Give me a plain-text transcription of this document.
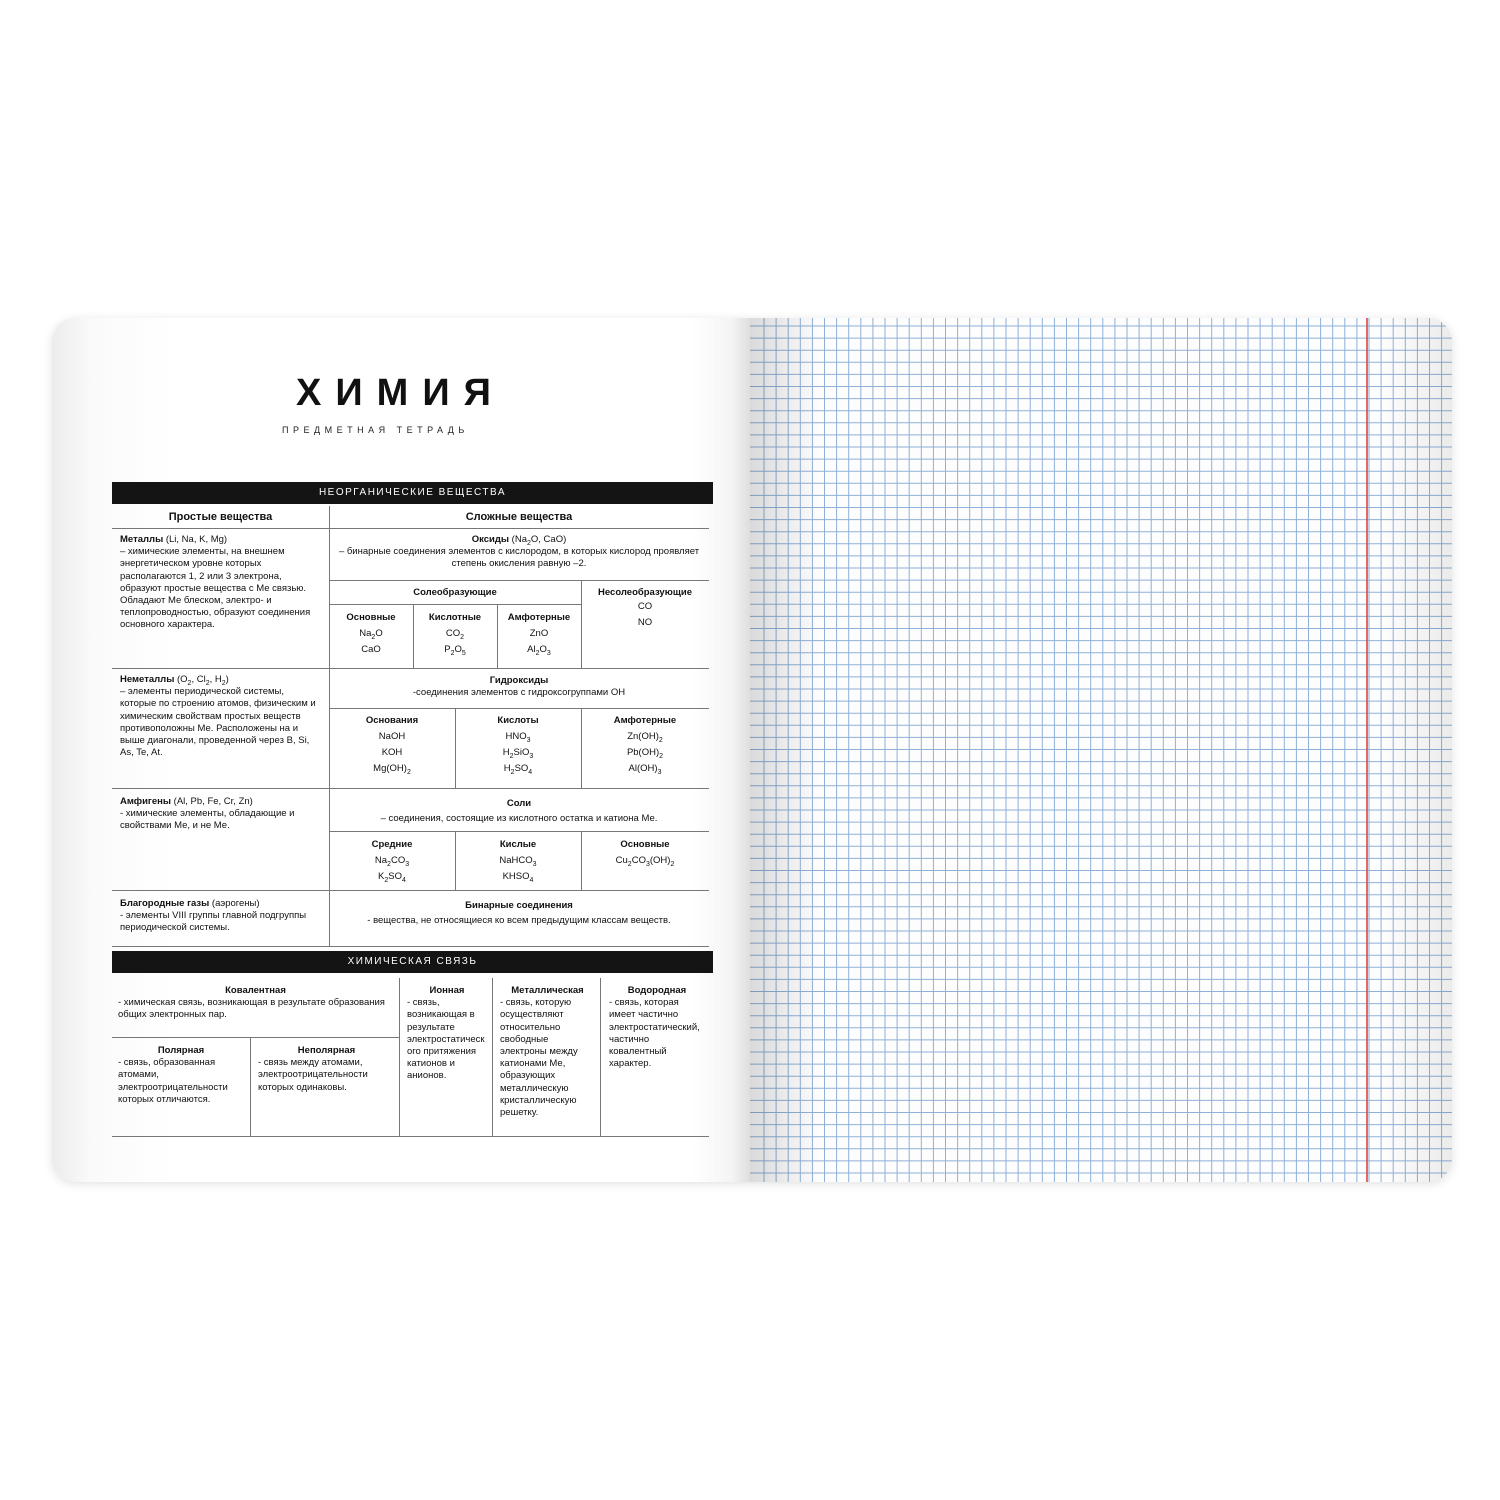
ХИМИЯ
ПРЕДМЕТНАЯ ТЕТРАДЬ
НЕОРГАНИЧЕСКИЕ ВЕЩЕСТВА
Простые вещества	Сложные вещества
Металлы (Li, Na, K, Mg)
– химические элементы, на внешнем энергетическом уровне которых располагаются 1, 2 или 3 электрона, образуют простые вещества с Ме связью. Обладают Ме блеском, электро- и теплопроводностью, образуют соединения основного характера.
Оксиды ($Na_2O$, CaO)
– бинарные соединения элементов с кислородом, в которых кислород проявляет степень окисления равную –2.
Солеобразующие	Несолеобразующие
CO
NO
Основные
$Na_2O$
CaO
Кислотные
$CO_2$
$P_2O_5$
Амфотерные
ZnO
$Al_2O_3$
Неметаллы ($O_2$, $Cl_2$, $H_2$)
– элементы периодической системы, которые по строению атомов, физическим и химическим свойствам простых веществ противоположны Ме. Расположены на и выше диагонали, проведенной через B, Si, As, Te, At.
Гидроксиды
-соединения элементов с гидроксогруппами ОН
Основания
NaOH
KOH
$Mg(OH)_2$
Кислоты
$HNO_3$
$H_2SiO_3$
$H_2SO_4$
Амфотерные
$Zn(OH)_2$
$Pb(OH)_2$
$Al(OH)_3$
Амфигены (Al, Pb, Fe, Cr, Zn)
- химические элементы, обладающие и свойствами Ме, и не Ме.
Соли
– соединения, состоящие из кислотного остатка и катиона Ме.
Средние
$Na_2CO_3$
$K_2SO_4$
Кислые
NaHCO$_3$
$KHSO_4$
Основные
$Cu_2CO_3(OH)_2$
Благородные газы (аэрогены)
- элементы VIII группы главной подгруппы периодической системы.
Бинарные соединения
- вещества, не относящиеся ко всем предыдущим классам веществ.
ХИМИЧЕСКАЯ СВЯЗЬ
Ковалентная
- химическая связь, возникающая в результате образования общих электронных пар.
Полярная
- связь, образованная атомами, электроотрицательности которых отличаются.
Неполярная
- связь между атомами, электроотрицательности которых одинаковы.
Ионная
- связь, возникающая в результате электростатического притяжения катионов и анионов.
Металлическая
- связь, которую осуществляют относительно свободные электроны между катионами Ме, образующих металлическую кристаллическую решетку.
Водородная
- связь, которая имеет частично электростатический, частично ковалентный характер.
